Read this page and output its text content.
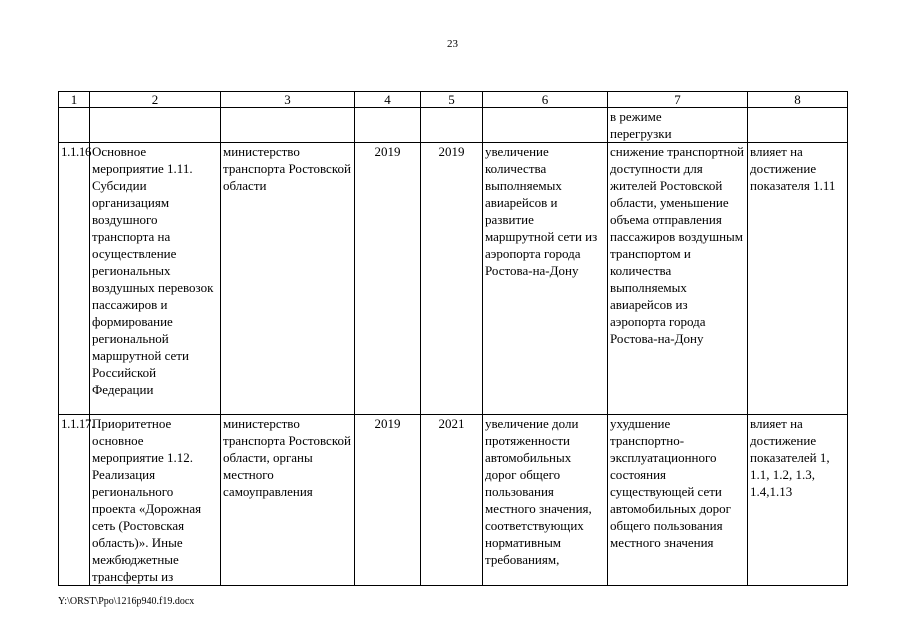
23
1	2	3	4	5	6	7	8
						в режиме
перегрузки	
1.1.16	Основное мероприятие 1.11. Субсидии организациям воздушного транспорта на осуществление региональных воздушных перевозок пассажиров и формирование региональной маршрутной сети Российской Федерации	министерство транспорта Ростовской области	2019	2019	увеличение количества выполняемых авиарейсов и развитие маршрутной сети из аэропорта города Ростова-на-Дону	снижение транспортной доступности для жителей Ростовской области, уменьшение объема отправления пассажиров воздушным транспортом и количества выполняемых авиарейсов из аэропорта города Ростова-на-Дону	влияет на достижение показателя 1.11
1.1.17.	Приоритетное основное мероприятие 1.12. Реализация регионального проекта «Дорожная сеть (Ростовская область)». Иные межбюджетные трансферты из	министерство транспорта Ростовской области, органы местного самоуправления	2019	2021	увеличение доли протяженности автомобильных дорог общего пользования местного значения, соответствующих нормативным требованиям,	ухудшение транспортно-эксплуатационного состояния существующей сети автомобильных дорог общего пользования местного значения	влияет на достижение показателей 1, 1.1, 1.2, 1.3, 1.4,1.13
Y:\ORST\Ppo\1216p940.f19.docx
